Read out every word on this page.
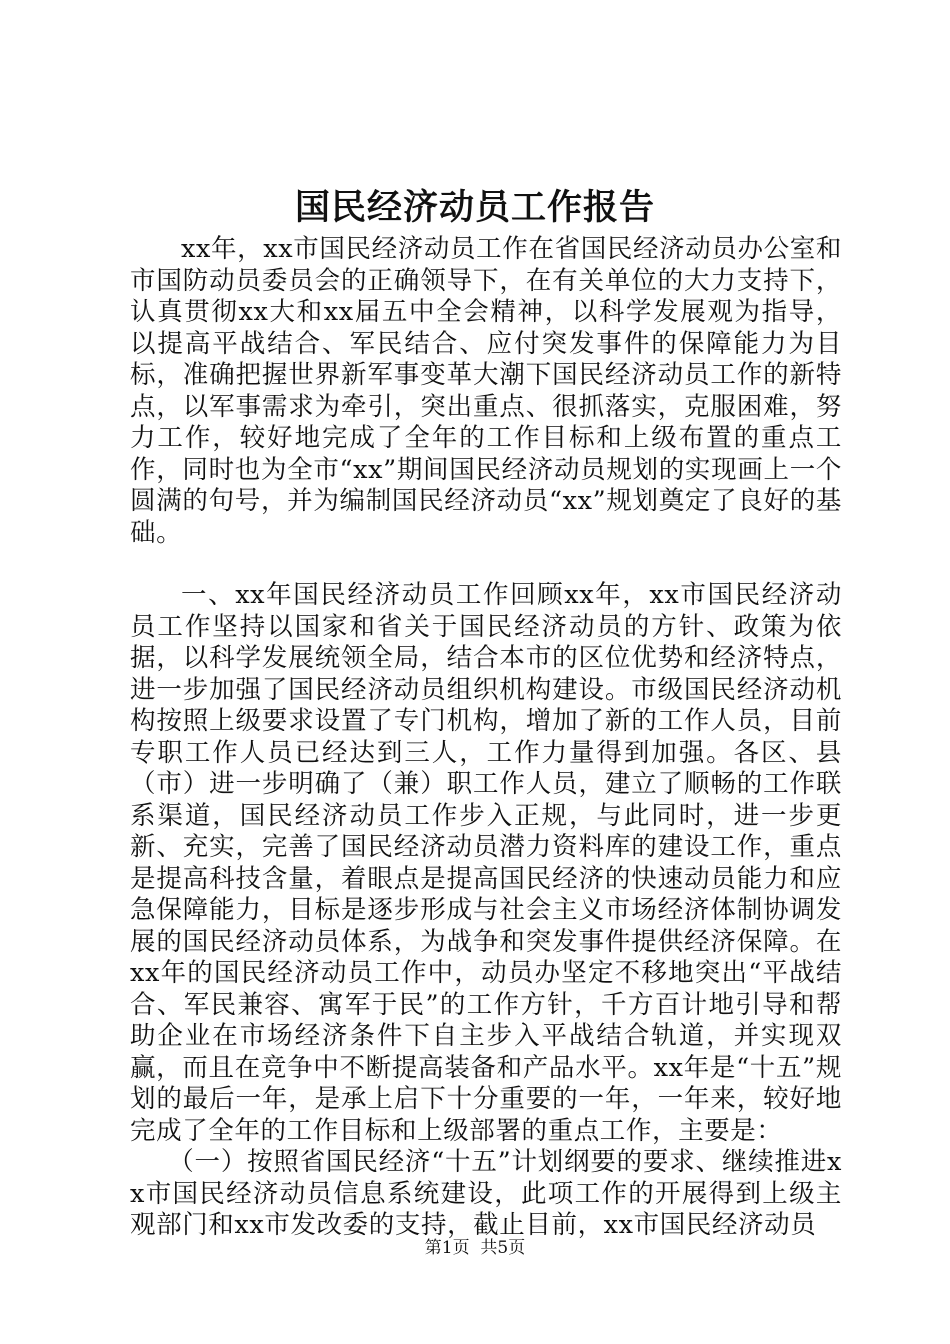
国民经济动员工作报告

xx年，xx市国民经济动员工作在省国民经济动员办公室和市国防动员委员会的正确领导下，在有关单位的大力支持下，认真贯彻xx大和xx届五中全会精神，以科学发展观为指导，以提高平战结合、军民结合、应付突发事件的保障能力为目标，准确把握世界新军事变革大潮下国民经济动员工作的新特点，以军事需求为牵引，突出重点、很抓落实，克服困难，努力工作，较好地完成了全年的工作目标和上级布置的重点工作，同时也为全市“xx”期间国民经济动员规划的实现画上一个圆满的句号，并为编制国民经济动员“xx”规划奠定了良好的基础。

一、xx年国民经济动员工作回顾xx年，xx市国民经济动员工作坚持以国家和省关于国民经济动员的方针、政策为依据，以科学发展统领全局，结合本市的区位优势和经济特点，进一步加强了国民经济动员组织机构建设。市级国民经济动机构按照上级要求设置了专门机构，增加了新的工作人员，目前专职工作人员已经达到三人，工作力量得到加强。各区、县（市）进一步明确了（兼）职工作人员，建立了顺畅的工作联系渠道，国民经济动员工作步入正规，与此同时，进一步更新、充实，完善了国民经济动员潜力资料库的建设工作，重点是提高科技含量，着眼点是提高国民经济的快速动员能力和应急保障能力，目标是逐步形成与社会主义市场经济体制协调发展的国民经济动员体系，为战争和突发事件提供经济保障。在xx年的国民经济动员工作中，动员办坚定不移地突出“平战结合、军民兼容、寓军于民”的工作方针，千方百计地引导和帮助企业在市场经济条件下自主步入平战结合轨道，并实现双赢，而且在竞争中不断提高装备和产品水平。xx年是“十五”规划的最后一年，是承上启下十分重要的一年，一年来，较好地完成了全年的工作目标和上级部署的重点工作，主要是：

（一）按照省国民经济“十五”计划纲要的要求、继续推进xx市国民经济动员信息系统建设，此项工作的开展得到上级主观部门和xx市发改委的支持，截止目前，xx市国民经济动员

第1页 共5页
